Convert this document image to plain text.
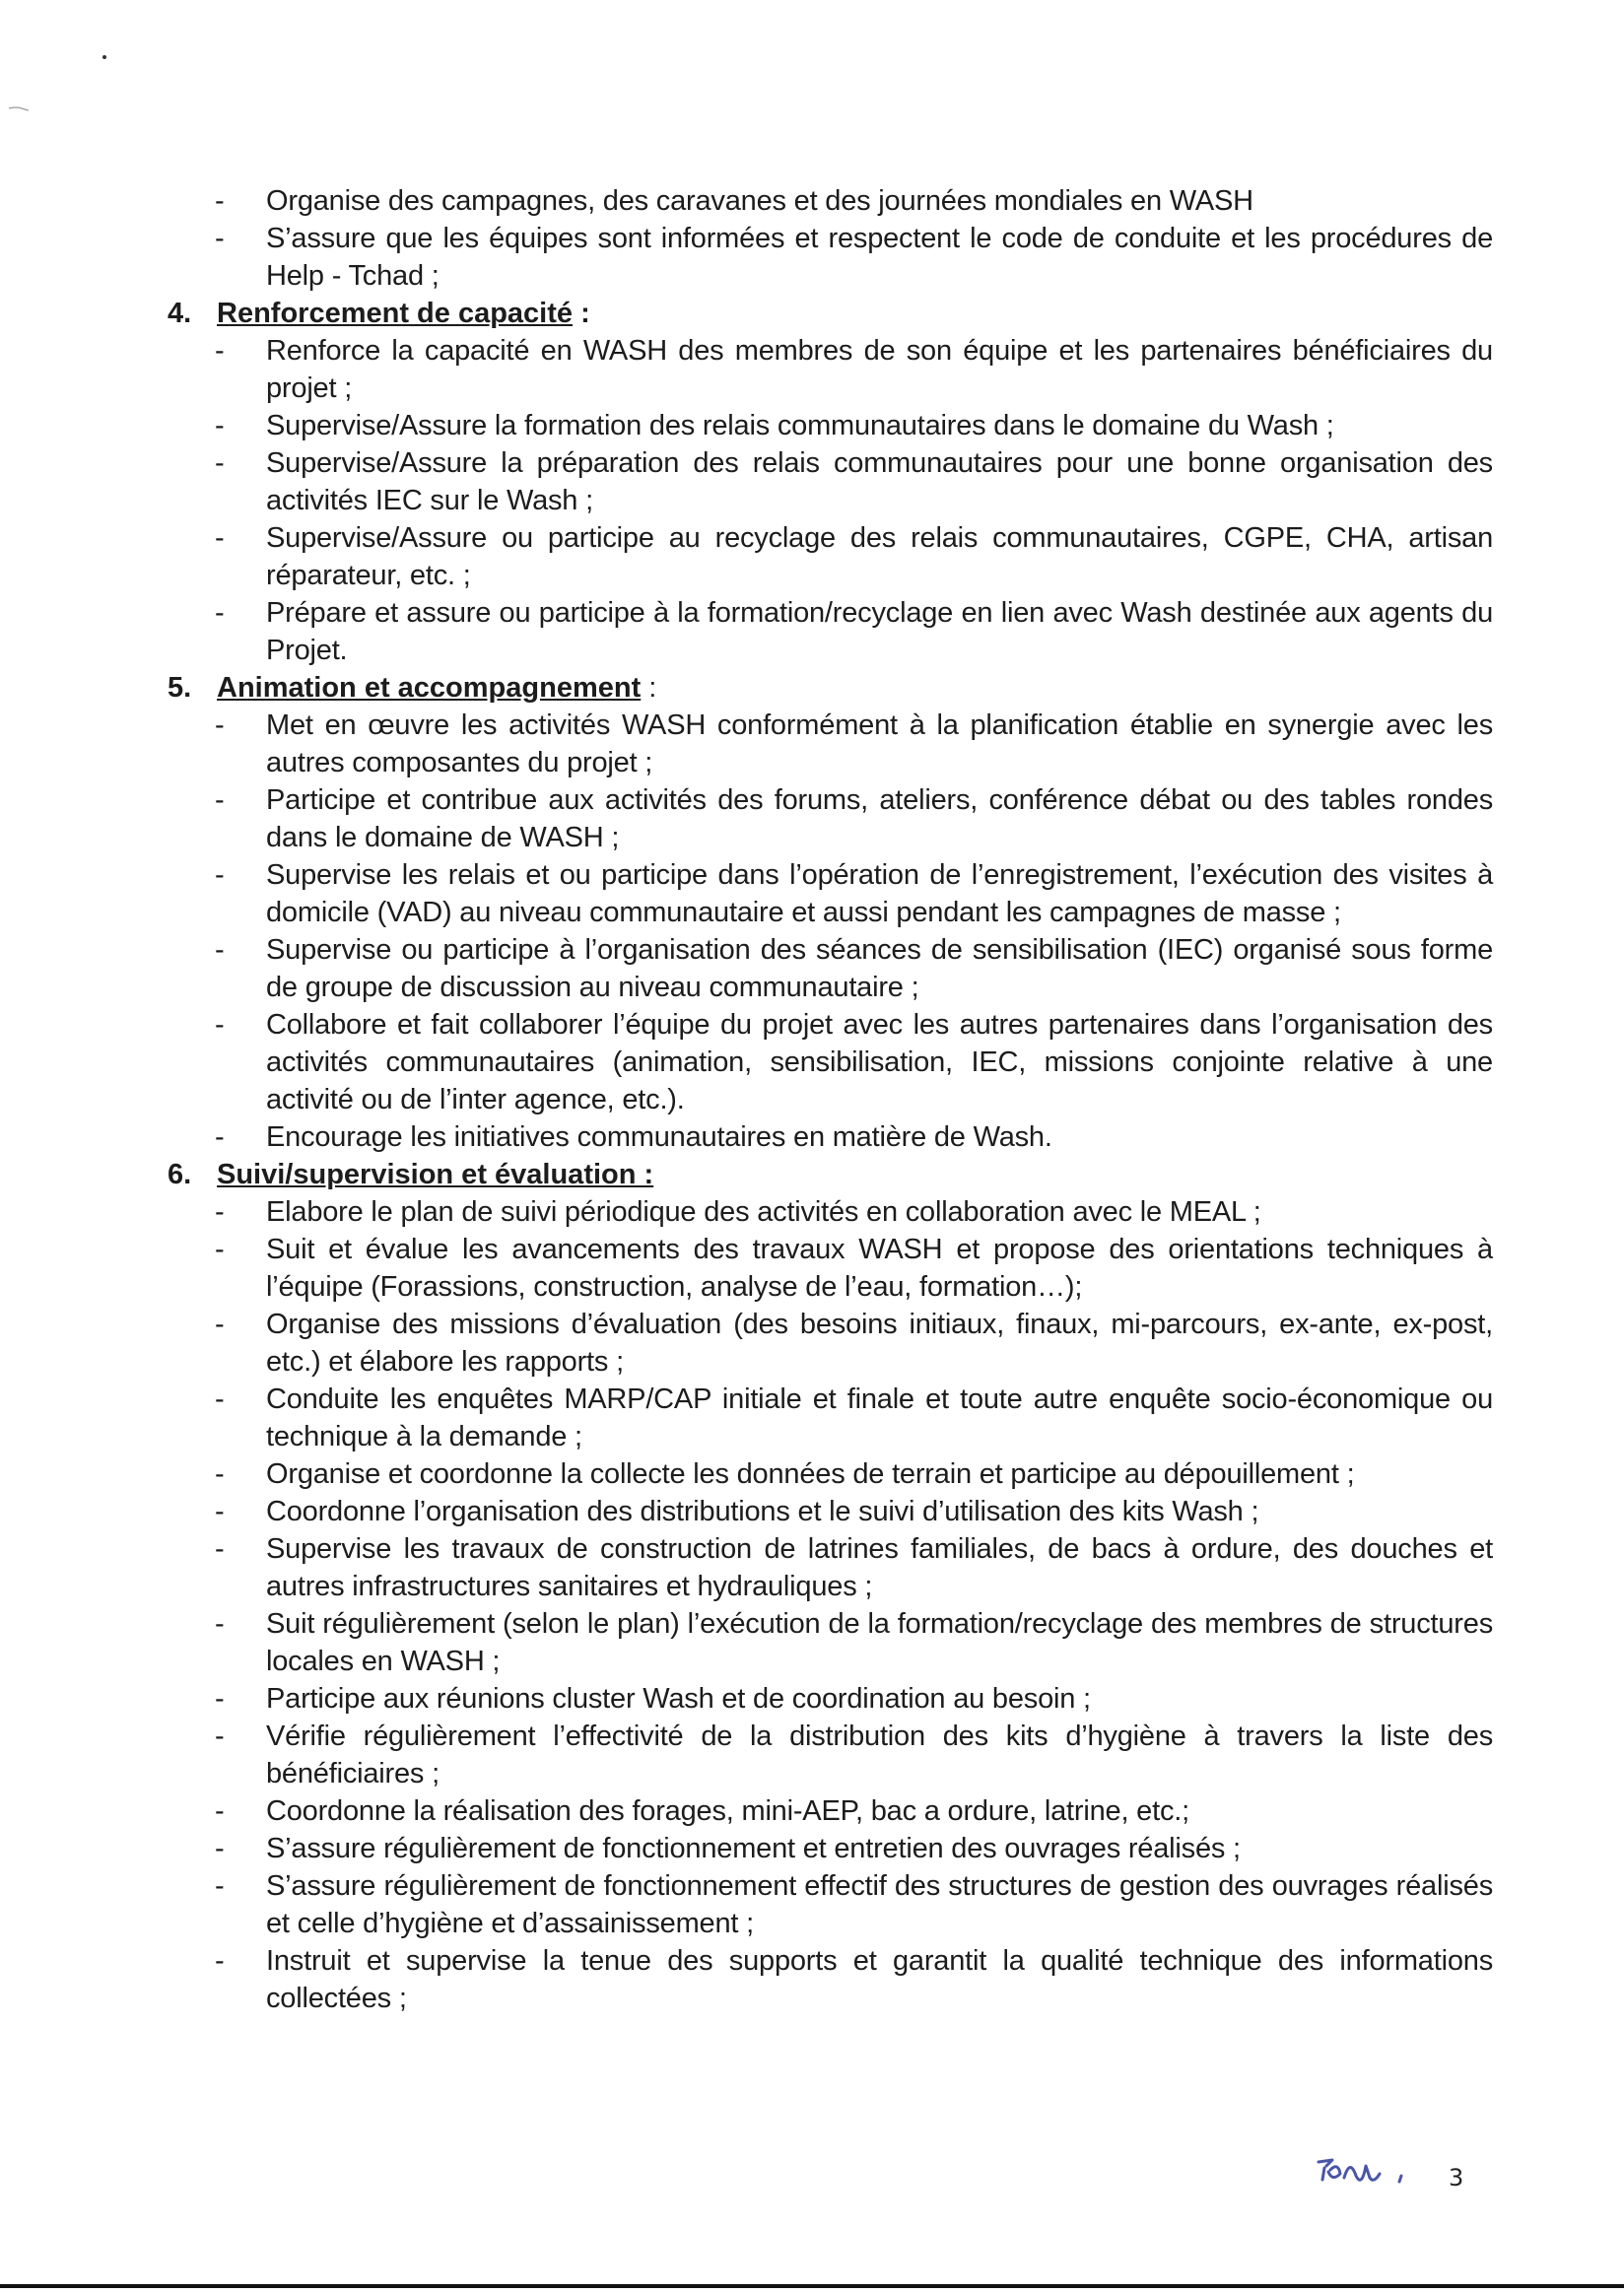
- Organise des campagnes, des caravanes et des journées mondiales en WASH
- S’assure que les équipes sont informées et respectent le code de conduite et les procédures de Help - Tchad ;
4. Renforcement de capacité :
- Renforce la capacité en WASH des membres de son équipe et les partenaires bénéficiaires du projet ;
- Supervise/Assure la formation des relais communautaires dans le domaine du Wash ;
- Supervise/Assure la préparation des relais communautaires pour une bonne organisation des activités IEC sur le Wash ;
- Supervise/Assure ou participe au recyclage des relais communautaires, CGPE, CHA, artisan réparateur, etc. ;
- Prépare et assure ou participe à la formation/recyclage en lien avec Wash destinée aux agents du Projet.
5. Animation et accompagnement :
- Met en œuvre les activités WASH conformément à la planification établie en synergie avec les autres composantes du projet ;
- Participe et contribue aux activités des forums, ateliers, conférence débat ou des tables rondes dans le domaine de WASH ;
- Supervise les relais et ou participe dans l’opération de l’enregistrement, l’exécution des visites à domicile (VAD) au niveau communautaire et aussi pendant les campagnes de masse ;
- Supervise ou participe à l’organisation des séances de sensibilisation (IEC) organisé sous forme de groupe de discussion au niveau communautaire ;
- Collabore et fait collaborer l’équipe du projet avec les autres partenaires dans l’organisation des activités communautaires (animation, sensibilisation, IEC, missions conjointe relative à une activité ou de l’inter agence, etc.).
- Encourage les initiatives communautaires en matière de Wash.
6. Suivi/supervision et évaluation :
- Elabore le plan de suivi périodique des activités en collaboration avec le MEAL ;
- Suit et évalue les avancements des travaux WASH et propose des orientations techniques à l’équipe (Forassions, construction, analyse de l’eau, formation…);
- Organise des missions d’évaluation (des besoins initiaux, finaux, mi-parcours, ex-ante, ex-post, etc.) et élabore les rapports ;
- Conduite les enquêtes MARP/CAP initiale et finale et toute autre enquête socio-économique ou technique à la demande ;
- Organise et coordonne la collecte les données de terrain et participe au dépouillement ;
- Coordonne l’organisation des distributions et le suivi d’utilisation des kits Wash ;
- Supervise les travaux de construction de latrines familiales, de bacs à ordure, des douches et autres infrastructures sanitaires et hydrauliques ;
- Suit régulièrement (selon le plan) l’exécution de la formation/recyclage des membres de structures locales en WASH ;
- Participe aux réunions cluster Wash et de coordination au besoin ;
- Vérifie régulièrement l’effectivité de la distribution des kits d’hygiène à travers la liste des bénéficiaires ;
- Coordonne la réalisation des forages, mini-AEP, bac a ordure, latrine, etc.;
- S’assure régulièrement de fonctionnement et entretien des ouvrages réalisés ;
- S’assure régulièrement de fonctionnement effectif des structures de gestion des ouvrages réalisés et celle d’hygiène et d’assainissement ;
- Instruit et supervise la tenue des supports et garantit la qualité technique des informations collectées ;
3
